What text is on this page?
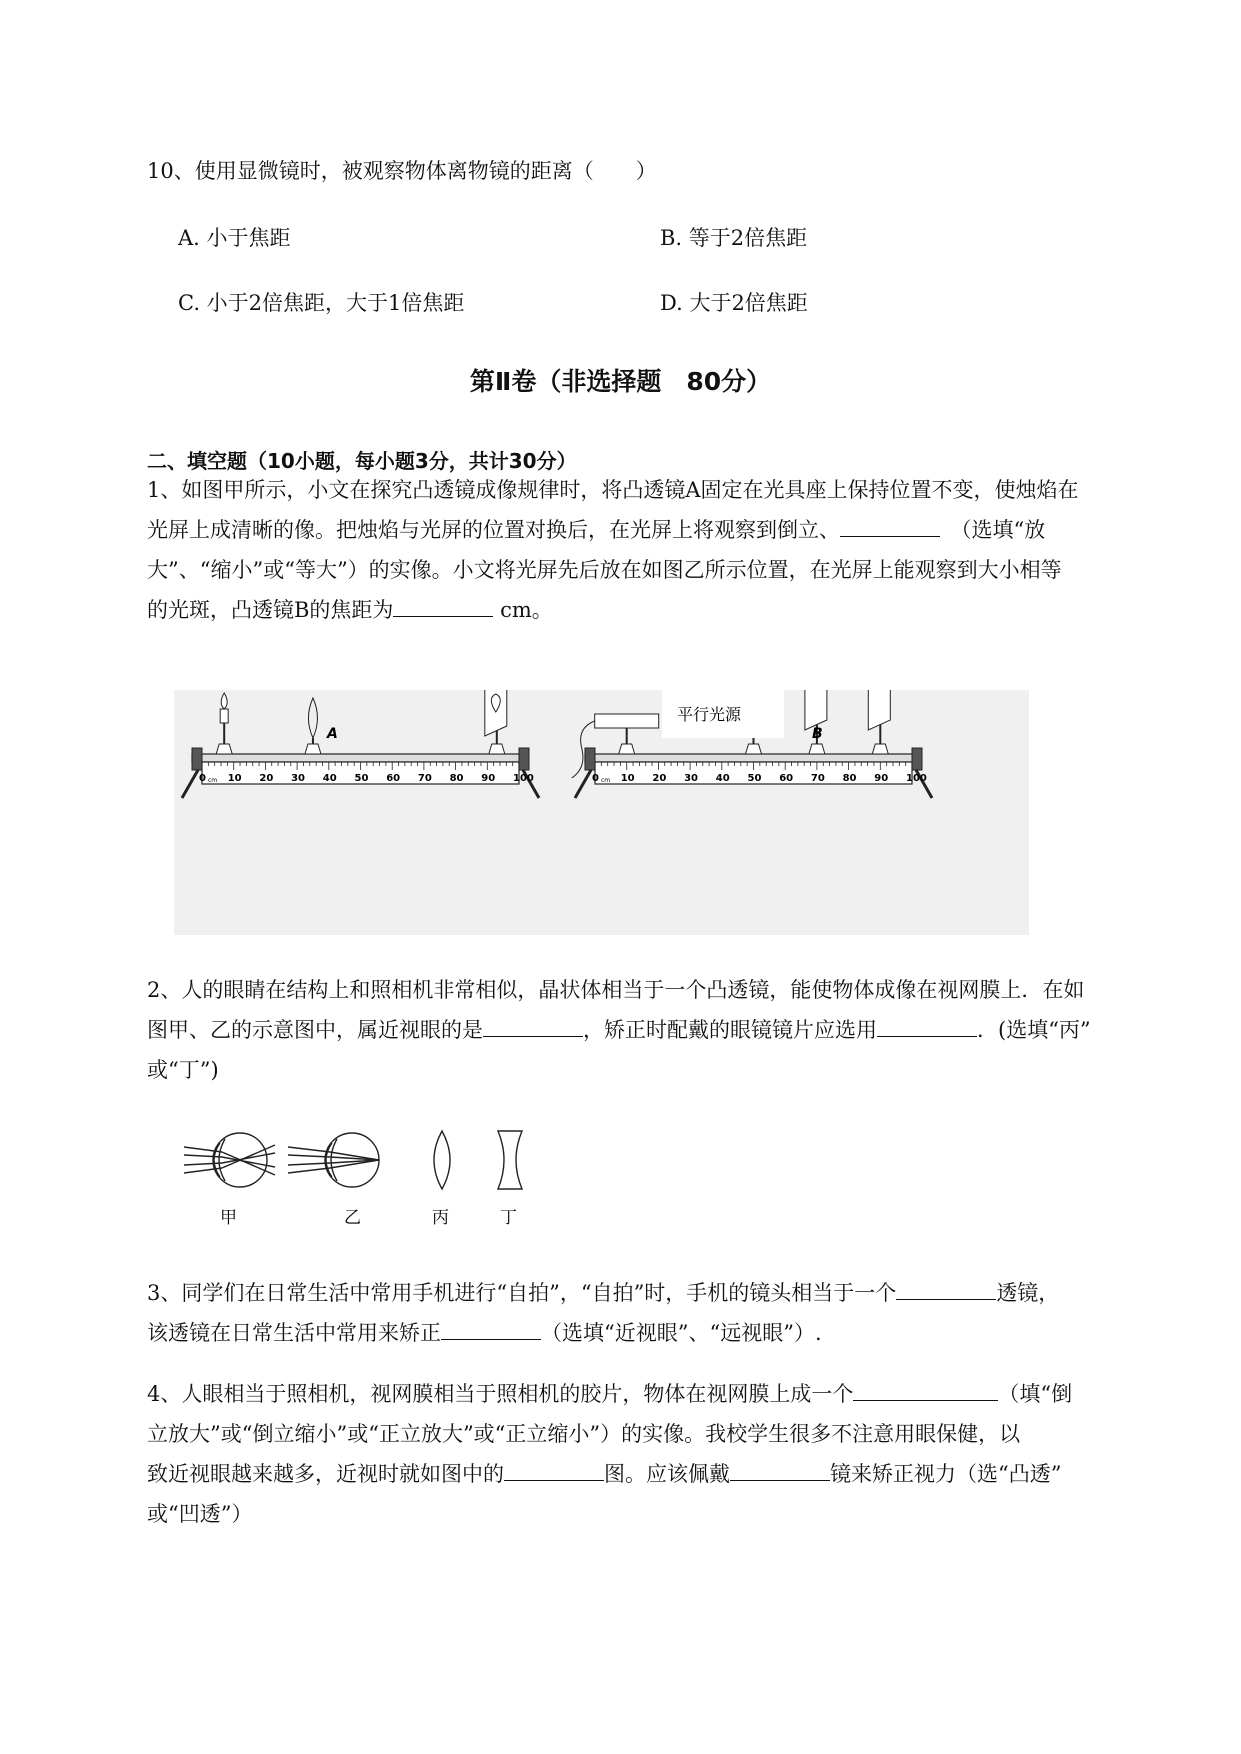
10、使用显微镜时，被观察物体离物镜的距离（　　）
A. 小于焦距	B. 等于2倍焦距
C. 小于2倍焦距，大于1倍焦距	D. 大于2倍焦距
第Ⅱ卷（非选择题　80分）
二、填空题（10小题，每小题3分，共计30分）
1、如图甲所示，小文在探究凸透镜成像规律时，将凸透镜A固定在光具座上保持位置不变，使烛焰在
光屏上成清晰的像。把烛焰与光屏的位置对换后，在光屏上将观察到倒立、　	（选填“放
大”、“缩小”或“等大”）的实像。小文将光屏先后放在如图乙所示位置，在光屏上能观察到大小相等
的光斑，凸透镜B的焦距为	cm。
0 10 20 30 40 50 60 70 80 90 100
cm	0 10 20 30 40 50 60 70 80 90 100
cm
A	B
平行光源
2、人的眼睛在结构上和照相机非常相似，晶状体相当于一个凸透镜，能使物体成像在视网膜上．在如
图甲、乙的示意图中，属近视眼的是	，矫正时配戴的眼镜镜片应选用	．(选填“丙”
或“丁”)
甲	乙	丙	丁
3、同学们在日常生活中常用手机进行“自拍”，“自拍”时，手机的镜头相当于一个	透镜，
该透镜在日常生活中常用来矫正	（选填“近视眼”、“远视眼”）.
4、人眼相当于照相机，视网膜相当于照相机的胶片，物体在视网膜上成一个	（填“倒
立放大”或“倒立缩小”或“正立放大”或“正立缩小”）的实像。我校学生很多不注意用眼保健，以
致近视眼越来越多，近视时就如图中的	图。应该佩戴	镜来矫正视力（选“凸透”
或“凹透”）
